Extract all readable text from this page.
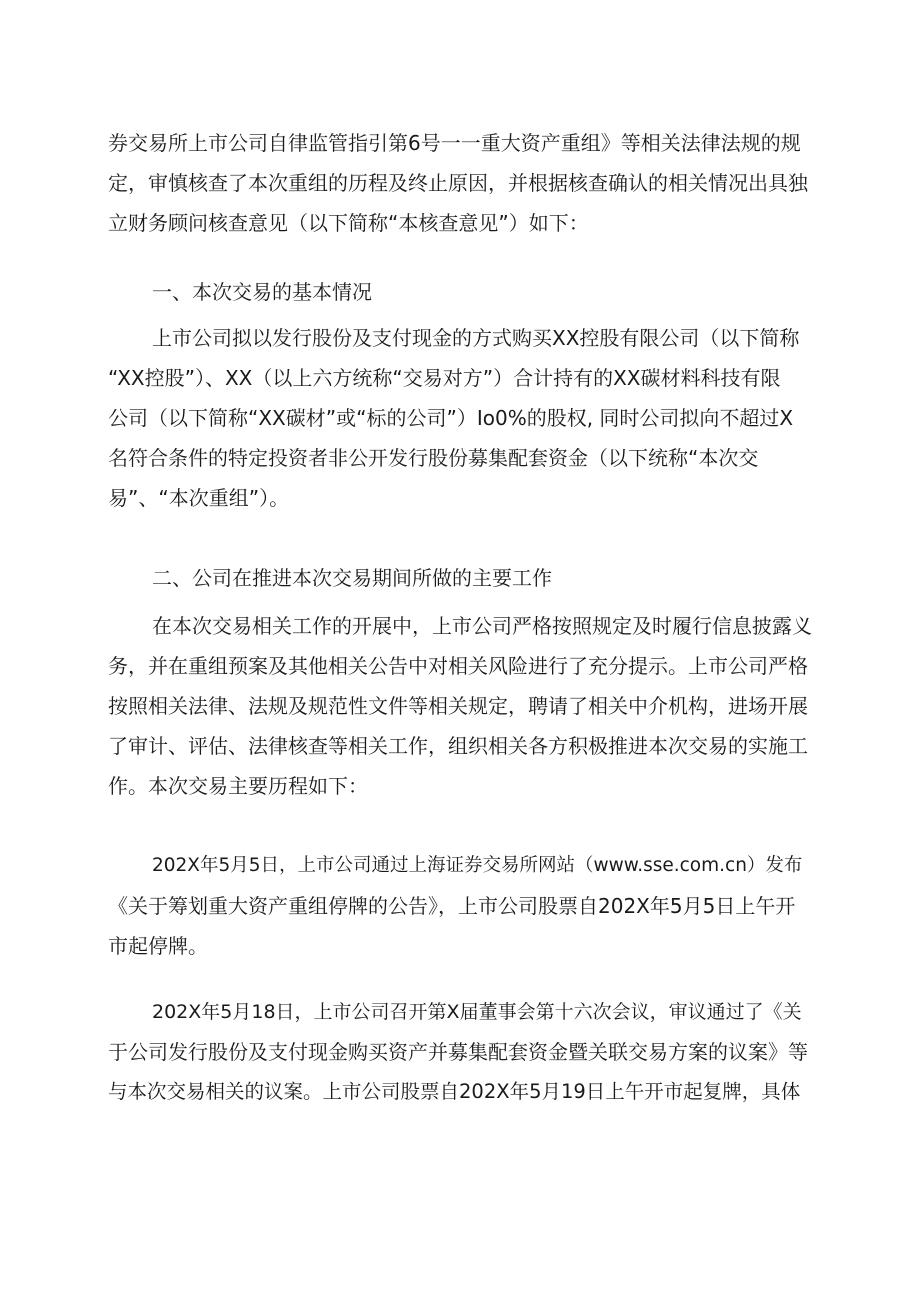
券交易所上市公司自律监管指引第6号一一重大资产重组》等相关法律法规的规
定，审慎核查了本次重组的历程及终止原因，并根据核查确认的相关情况出具独
立财务顾问核查意见（以下简称“本核查意见”）如下：
一、本次交易的基本情况
上市公司拟以发行股份及支付现金的方式购买XX控股有限公司（以下简称
“XX控股”）、XX（以上六方统称“交易对方”）合计持有的XX碳材料科技有限
公司（以下简称“XX碳材”或“标的公司”）Io0%的股权, 同时公司拟向不超过X
名符合条件的特定投资者非公开发行股份募集配套资金（以下统称“本次交
易”、“本次重组”）。
二、公司在推进本次交易期间所做的主要工作
在本次交易相关工作的开展中，上市公司严格按照规定及时履行信息披露义
务，并在重组预案及其他相关公告中对相关风险进行了充分提示。上市公司严格
按照相关法律、法规及规范性文件等相关规定，聘请了相关中介机构，进场开展
了审计、评估、法律核查等相关工作，组织相关各方积极推进本次交易的实施工
作。本次交易主要历程如下：
202X年5月5日，上市公司通过上海证券交易所网站（www.sse.com.cn）发布
《关于筹划重大资产重组停牌的公告》，上市公司股票自202X年5月5日上午开
市起停牌。
202X年5月18日，上市公司召开第X届董事会第十六次会议，审议通过了《关
于公司发行股份及支付现金购买资产并募集配套资金暨关联交易方案的议案》等
与本次交易相关的议案。上市公司股票自202X年5月19日上午开市起复牌，具体
